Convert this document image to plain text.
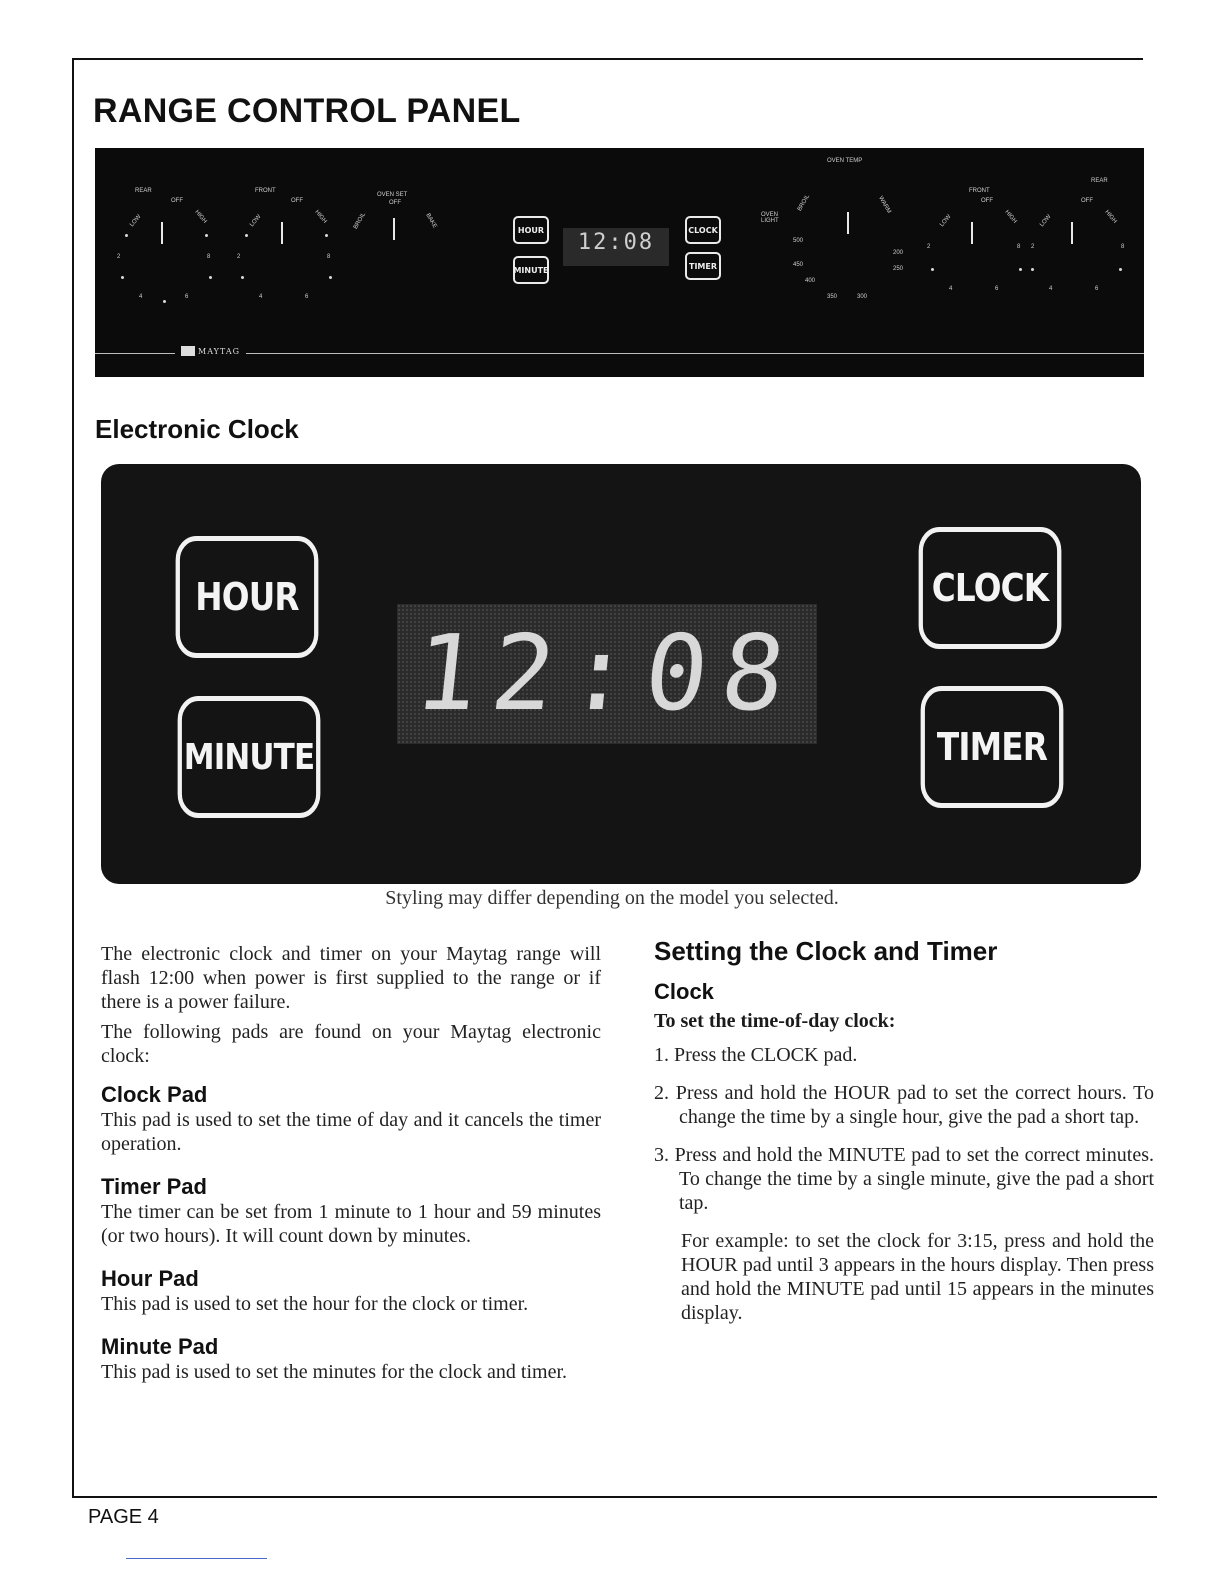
RANGE CONTROL PANEL
REAR
OFF
LOW	HIGH
2	8
4	6
FRONT
OFF
LOW	HIGH
2	8
4	6
OVEN SET
OFF
BROIL	BAKE
HOUR
MINUTE
12:08	CLOCK
TIMER
OVEN TEMP
OVEN LIGHT
BROIL	WARM
500
200
450
250
400
350	300
FRONT
OFF
LOW	HIGH
2	8
4	6
REAR
OFF
LOW	HIGH
2	8
4	6
MAYTAG
Electronic Clock
HOUR
MINUTE
12:08
CLOCK
TIMER
Styling may differ depending on the model you selected.

The electronic clock and timer on your Maytag range will flash 12:00 when power is first supplied to the range or if there is a power failure.

The following pads are found on your Maytag electronic clock:

Clock Pad

This pad is used to set the time of day and it cancels the timer operation.

Timer Pad

The timer can be set from 1 minute to 1 hour and 59 minutes (or two hours). It will count down by minutes.

Hour Pad

This pad is used to set the hour for the clock or timer.

Minute Pad

This pad is used to set the minutes for the clock and timer.

Setting the Clock and Timer
Clock
To set the time-of-day clock:
1. Press the CLOCK pad.
2. Press and hold the HOUR pad to set the correct hours. To change the time by a single hour, give the pad a short tap.
3. Press and hold the MINUTE pad to set the correct minutes. To change the time by a single minute, give the pad a short tap.

For example: to set the clock for 3:15, press and hold the HOUR pad until 3 appears in the hours display. Then press and hold the MINUTE pad until 15 appears in the minutes display.

PAGE 4
